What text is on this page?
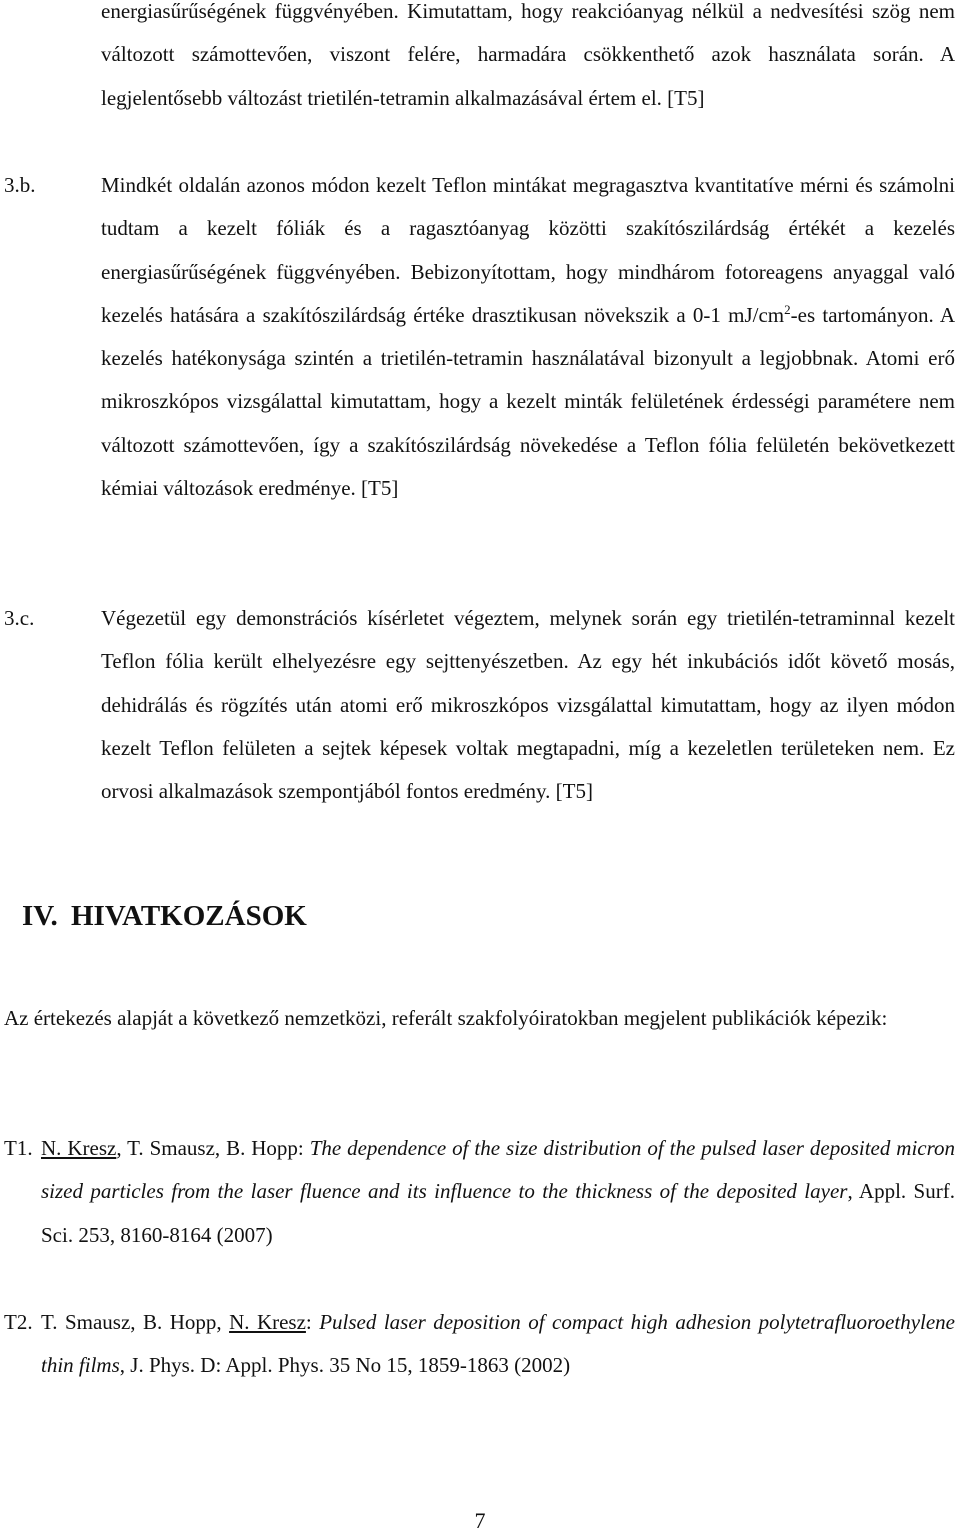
energiasűrűségének függvényében. Kimutattam, hogy reakcióanyag nélkül a nedvesítési szög nem változott számottevően, viszont felére, harmadára csökkenthető azok használata során. A legjelentősebb változást trietilén-tetramin alkalmazásával értem el. [T5]

3.b.	Mindkét oldalán azonos módon kezelt Teflon mintákat megragasztva kvantitatíve mérni és számolni tudtam a kezelt fóliák és a ragasztóanyag közötti szakítószilárdság értékét a kezelés energiasűrűségének függvényében. Bebizonyítottam, hogy mindhárom fotoreagens anyaggal való kezelés hatására a szakítószilárdság értéke drasztikusan növekszik a 0-1 $mJ/cm^2-es$ tartományon. A kezelés hatékonysága szintén a trietilén-tetramin használatával bizonyult a legjobbnak. Atomi erő mikroszkópos vizsgálattal kimutattam, hogy a kezelt minták felületének érdességi paramétere nem változott számottevően, így a szakítószilárdság növekedése a Teflon fólia felületén bekövetkezett kémiai változások eredménye. [T5]

3.c.	Végezetül egy demonstrációs kísérletet végeztem, melynek során egy trietilén-tetraminnal kezelt Teflon fólia került elhelyezésre egy sejttenyészetben. Az egy hét inkubációs időt követő mosás, dehidrálás és rögzítés után atomi erő mikroszkópos vizsgálattal kimutattam, hogy az ilyen módon kezelt Teflon felületen a sejtek képesek voltak megtapadni, míg a kezeletlen területeken nem. Ez orvosi alkalmazások szempontjából fontos eredmény. [T5]

IV. HIVATKOZÁSOK
Az értekezés alapját a következő nemzetközi, referált szakfolyóiratokban megjelent publikációk képezik:
T1. N. Kresz, T. Smausz, B. Hopp: The dependence of the size distribution of the pulsed laser deposited micron sized particles from the laser fluence and its influence to the thickness of the deposited layer, Appl. Surf. Sci. 253, 8160-8164 (2007)

T2. T. Smausz, B. Hopp, N. Kresz: Pulsed laser deposition of compact high adhesion polytetrafluoroethylene thin films, J. Phys. D: Appl. Phys. 35 No 15, 1859-1863 (2002)

7
